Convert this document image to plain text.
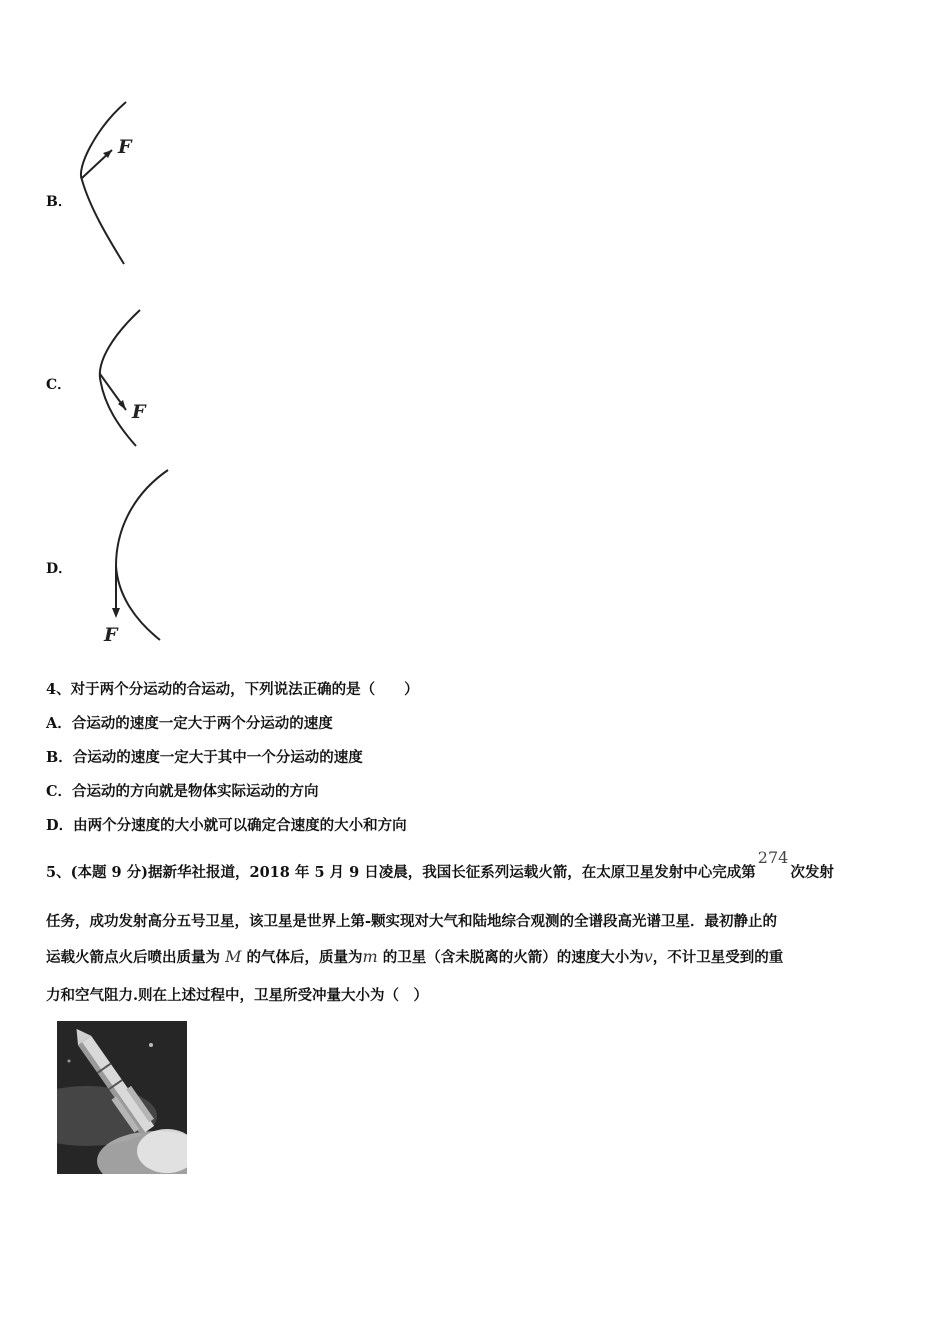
B．
F
C．
F
D．
F
4、对于两个分运动的合运动，下列说法正确的是（　　）
A．合运动的速度一定大于两个分运动的速度
B．合运动的速度一定大于其中一个分运动的速度
C．合运动的方向就是物体实际运动的方向
D．由两个分速度的大小就可以确定合速度的大小和方向
5、(本题 9 分)据新华社报道，2018 年 5 月 9 日凌晨，我国长征系列运载火箭，在太原卫星发射中心完成第274次发射
任务，成功发射高分五号卫星，该卫星是世界上第-颗实现对大气和陆地综合观测的全谱段高光谱卫星．最初静止的
运载火箭点火后喷出质量为 M 的气体后，质量为m 的卫星（含未脱离的火箭）的速度大小为v，不计卫星受到的重
力和空气阻力.则在上述过程中，卫星所受冲量大小为（　）
